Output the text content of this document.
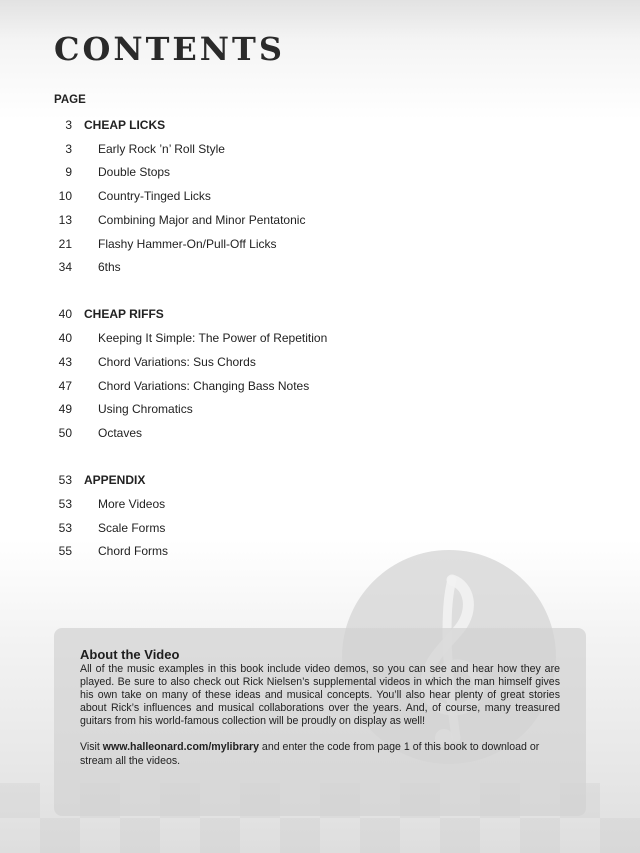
CONTENTS
PAGE
3 CHEAP LICKS
3 Early Rock ’n’ Roll Style
9 Double Stops
10 Country-Tinged Licks
13 Combining Major and Minor Pentatonic
21 Flashy Hammer-On/Pull-Off Licks
34 6ths
40 CHEAP RIFFS
40 Keeping It Simple: The Power of Repetition
43 Chord Variations: Sus Chords
47 Chord Variations: Changing Bass Notes
49 Using Chromatics
50 Octaves
53 APPENDIX
53 More Videos
53 Scale Forms
55 Chord Forms
About the Video

All of the music examples in this book include video demos, so you can see and hear how they are played. Be sure to also check out Rick Nielsen’s supplemental videos in which the man himself gives his own take on many of these ideas and musical concepts. You’ll also hear plenty of great stories about Rick’s influences and musical collaborations over the years. And, of course, many treasured guitars from his world-famous collection will be proudly on display as well!

Visit www.halleonard.com/mylibrary and enter the code from page 1 of this book to download or stream all the videos.
